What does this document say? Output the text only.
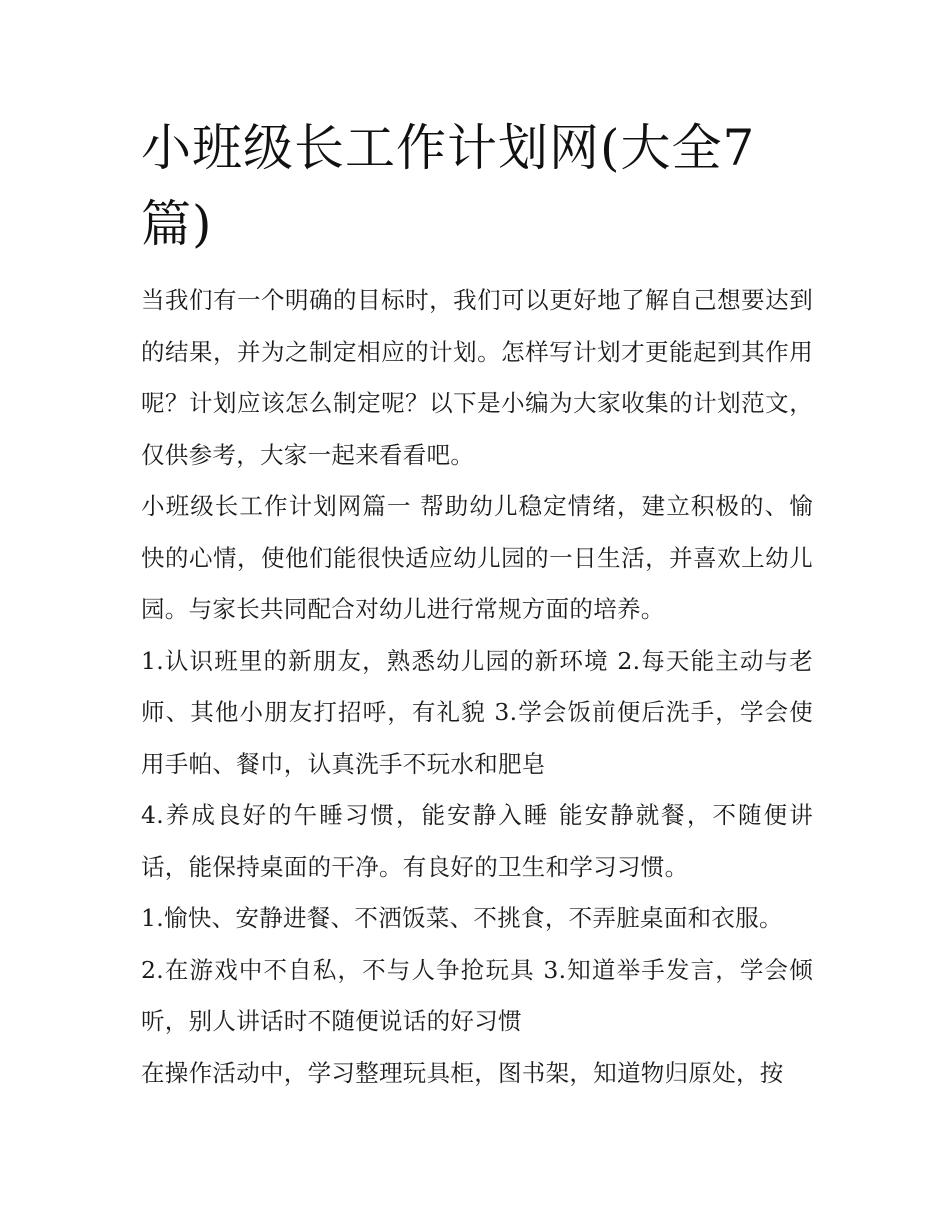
小班级长工作计划网(大全7篇)

当我们有一个明确的目标时，我们可以更好地了解自己想要达到的结果，并为之制定相应的计划。怎样写计划才更能起到其作用呢？计划应该怎么制定呢？以下是小编为大家收集的计划范文，仅供参考，大家一起来看看吧。

小班级长工作计划网篇一 帮助幼儿稳定情绪，建立积极的、愉快的心情，使他们能很快适应幼儿园的一日生活，并喜欢上幼儿园。与家长共同配合对幼儿进行常规方面的培养。

1.认识班里的新朋友，熟悉幼儿园的新环境 2.每天能主动与老师、其他小朋友打招呼，有礼貌 3.学会饭前便后洗手，学会使用手帕、餐巾，认真洗手不玩水和肥皂

4.养成良好的午睡习惯，能安静入睡 能安静就餐，不随便讲话，能保持桌面的干净。有良好的卫生和学习习惯。

1.愉快、安静进餐、不洒饭菜、不挑食，不弄脏桌面和衣服。

2.在游戏中不自私，不与人争抢玩具 3.知道举手发言，学会倾听，别人讲话时不随便说话的好习惯

在操作活动中，学习整理玩具柜，图书架，知道物归原处，按
